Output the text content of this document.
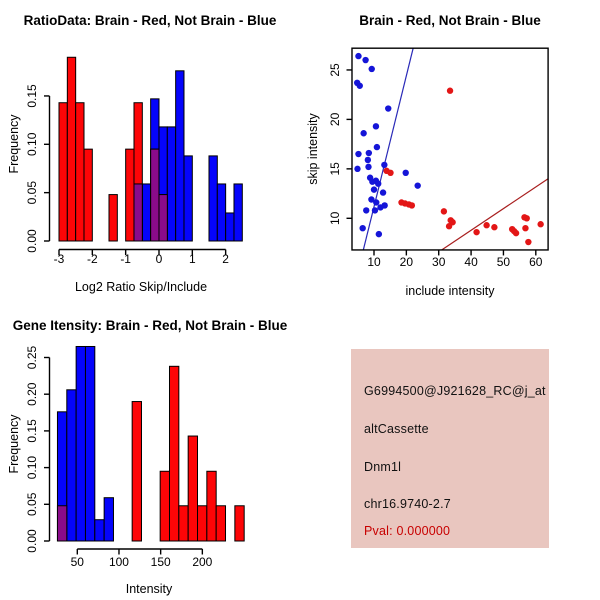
RatioData: Brain - Red, Not Brain - Blue
-3 -2 -1 0 1 2
0.00
0.05
0.10
0.15
Log2 Ratio Skip/Include
Frequency
Brain - Red, Not Brain - Blue
10 20 30 40 50 60
10
15
20
25
include intensity
skip intensity
Gene Itensity: Brain - Red, Not Brain - Blue
50 100 150 200
0.00
0.05
0.10
0.15
0.20
0.25
Intensity
Frequency
G6994500@J921628_RC@j_at
altCassette
Dnm1l
chr16.9740-2.7
Pval: 0.000000
